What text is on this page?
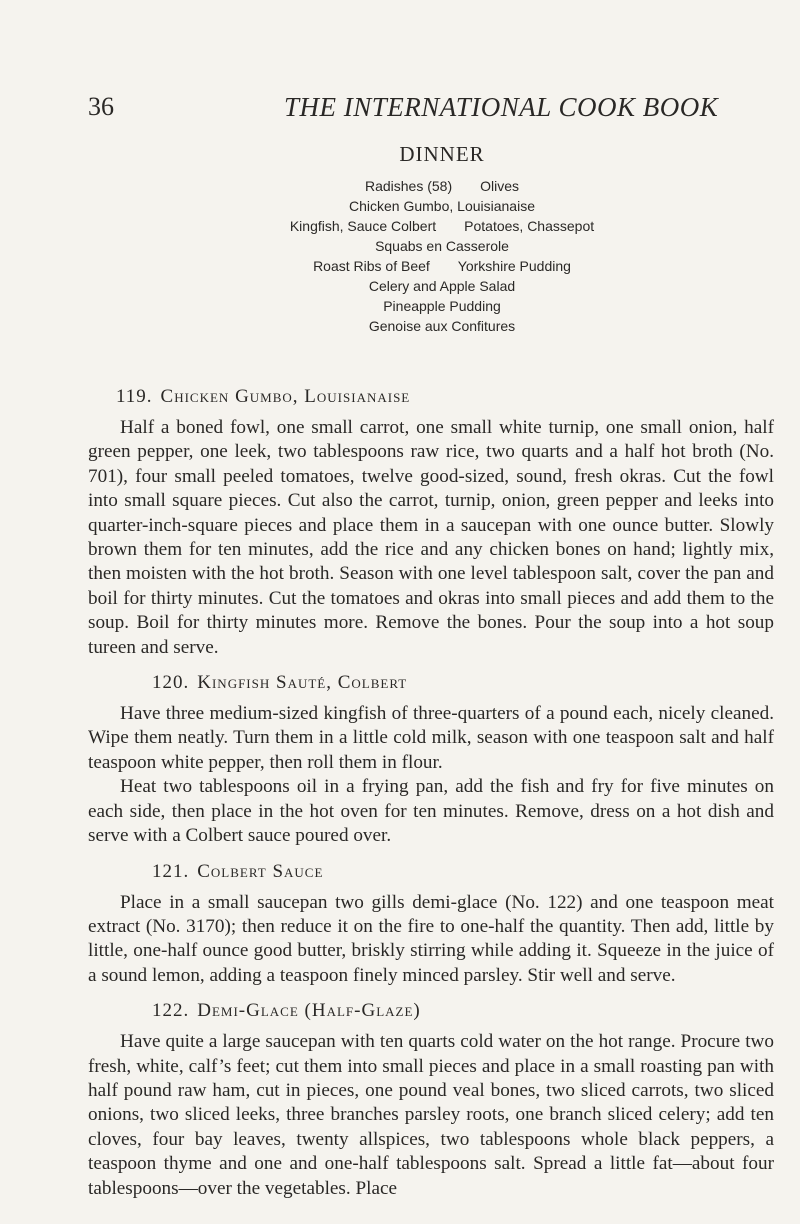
36	THE INTERNATIONAL COOK BOOK
DINNER
Radishes (58) Olives
Chicken Gumbo, Louisianaise
Kingfish, Sauce Colbert Potatoes, Chassepot
Squabs en Casserole
Roast Ribs of Beef Yorkshire Pudding
Celery and Apple Salad
Pineapple Pudding
Genoise aux Confitures
119. Chicken Gumbo, Louisianaise

Half a boned fowl, one small carrot, one small white turnip, one small onion, half green pepper, one leek, two tablespoons raw rice, two quarts and a half hot broth (No. 701), four small peeled tomatoes, twelve good-sized, sound, fresh okras. Cut the fowl into small square pieces. Cut also the carrot, turnip, onion, green pepper and leeks into quarter-inch-square pieces and place them in a saucepan with one ounce butter. Slowly brown them for ten minutes, add the rice and any chicken bones on hand; lightly mix, then moisten with the hot broth. Season with one level tablespoon salt, cover the pan and boil for thirty minutes. Cut the tomatoes and okras into small pieces and add them to the soup. Boil for thirty minutes more. Remove the bones. Pour the soup into a hot soup tureen and serve.

120. Kingfish Sauté, Colbert

Have three medium-sized kingfish of three-quarters of a pound each, nicely cleaned. Wipe them neatly. Turn them in a little cold milk, season with one teaspoon salt and half teaspoon white pepper, then roll them in flour.

Heat two tablespoons oil in a frying pan, add the fish and fry for five minutes on each side, then place in the hot oven for ten minutes. Remove, dress on a hot dish and serve with a Colbert sauce poured over.

121. Colbert Sauce

Place in a small saucepan two gills demi-glace (No. 122) and one teaspoon meat extract (No. 3170); then reduce it on the fire to one-half the quantity. Then add, little by little, one-half ounce good butter, briskly stirring while adding it. Squeeze in the juice of a sound lemon, adding a teaspoon finely minced parsley. Stir well and serve.

122. Demi-Glace (Half-Glaze)

Have quite a large saucepan with ten quarts cold water on the hot range. Procure two fresh, white, calf’s feet; cut them into small pieces and place in a small roasting pan with half pound raw ham, cut in pieces, one pound veal bones, two sliced carrots, two sliced onions, two sliced leeks, three branches parsley roots, one branch sliced celery; add ten cloves, four bay leaves, twenty allspices, two tablespoons whole black peppers, a teaspoon thyme and one and one-half tablespoons salt. Spread a little fat—about four tablespoons—over the vegetables. Place
